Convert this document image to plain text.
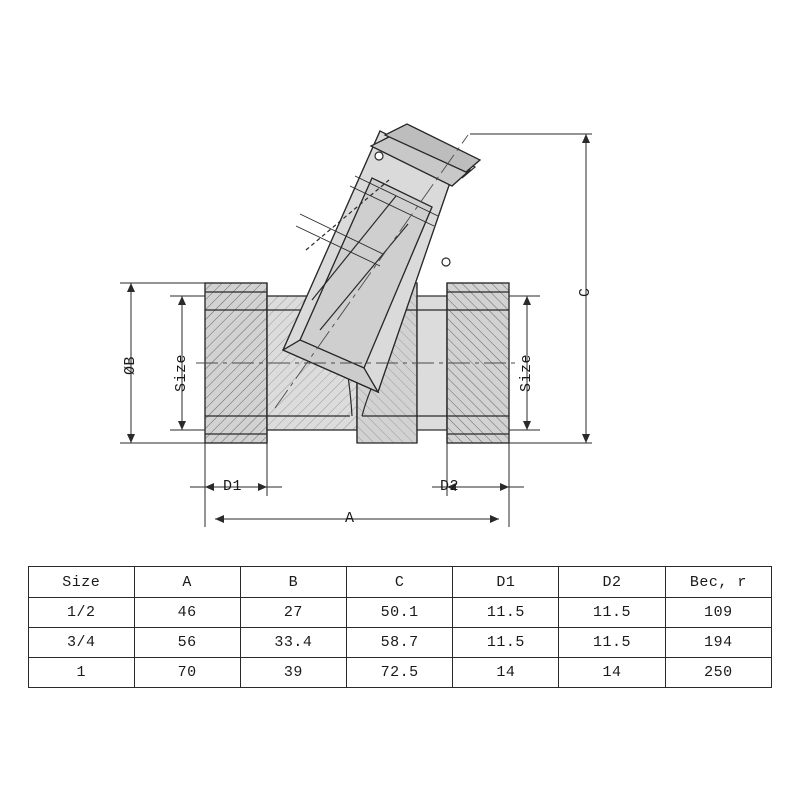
ØB Size	Size
C
D1	D2
A
Size	A	B	C	D1	D2	Bec, r
1/2	46	27	50.1	11.5	11.5	109
3/4	56	33.4	58.7	11.5	11.5	194
1	70	39	72.5	14	14	250
